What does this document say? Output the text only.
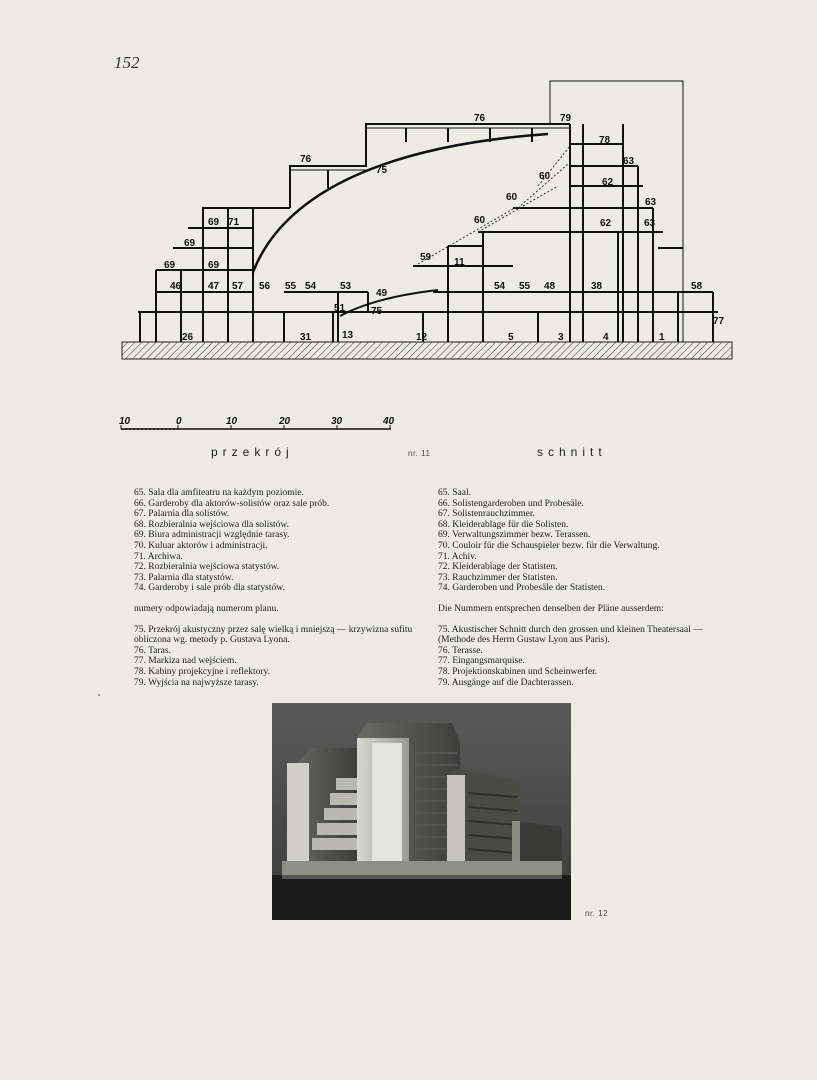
152
76	79
76
75
78
63
60
62
63
60
62	63
69 71	60
69
59 11
69	69
46	47 57 56 55 54 53	54 55 48	38	58
51
49
75
77
26	31	13	12	5	3	4	1
10	0	10	20	30	40
przekrój	nr. 11	schnitt
65. Sala dla amfiteatru na każdym poziomie.
66. Garderoby dla aktorów-solistów oraz sale prób.
67. Palarnia dla solistów.
68. Rozbieralnia wejściowa dla solistów.
69. Biura administracji względnie tarasy.
70. Kuluar aktorów i administracji.
71. Archiwa.
72. Rozbieralnia wejściowa statystów.
73. Palarnia dla statystów.
74. Garderoby i sale prób dla statystów.

numery odpowiadają numerom planu.

75. Przekrój akustyczny przez salę wielką i mniejszą — krzywizna sufitu obliczona wg. metody p. Gustava Lyona.
76. Taras.
77. Markiza nad wejściem.
78. Kabiny projekcyjne i reflektory.
79. Wyjścia na najwyższe tarasy.
65. Saal.
66. Solistengarderoben und Probesäle.
67. Solistenrauchzimmer.
68. Kleiderablage für die Solisten.
69. Verwaltungszimmer bezw. Terassen.
70. Couloir für die Schauspieler bezw. für die Verwaltung.
71. Achiv.
72. Kleiderablage der Statisten.
73. Rauchzimmer der Statisten.
74. Garderoben und Probesäle der Statisten.

Die Nummern entsprechen denselben der Pläne ausserdem:

75. Akustischer Schnitt durch den grossen und kleinen Theatersaal — (Methode des Herrn Gustaw Lyon aus Paris).
76. Terasse.
77. Eingangsmarquise.
78. Projektionskabinen und Scheinwerfer.
79. Ausgänge auf die Dachterassen.
nr. 12
